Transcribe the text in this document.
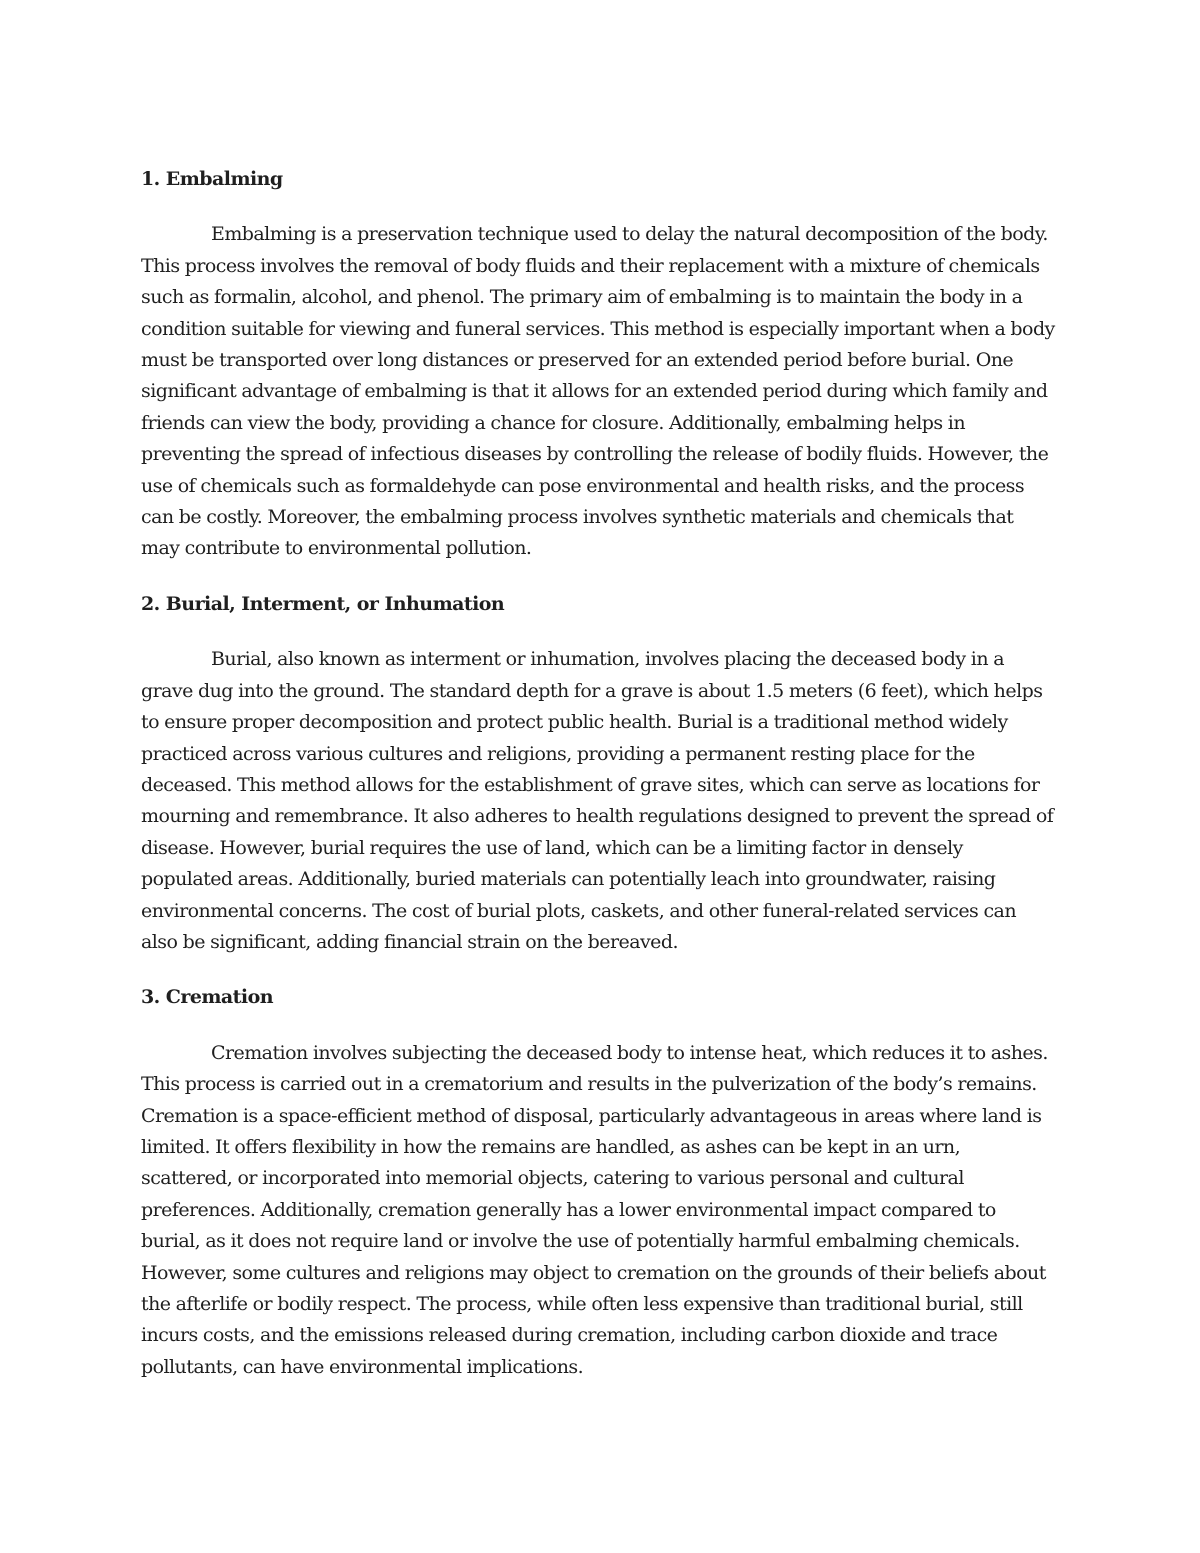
1. Embalming

Embalming is a preservation technique used to delay the natural decomposition of the body. This process involves the removal of body fluids and their replacement with a mixture of chemicals such as formalin, alcohol, and phenol. The primary aim of embalming is to maintain the body in a condition suitable for viewing and funeral services. This method is especially important when a body must be transported over long distances or preserved for an extended period before burial. One significant advantage of embalming is that it allows for an extended period during which family and friends can view the body, providing a chance for closure. Additionally, embalming helps in preventing the spread of infectious diseases by controlling the release of bodily fluids. However, the use of chemicals such as formaldehyde can pose environmental and health risks, and the process can be costly. Moreover, the embalming process involves synthetic materials and chemicals that may contribute to environmental pollution.

2. Burial, Interment, or Inhumation

Burial, also known as interment or inhumation, involves placing the deceased body in a grave dug into the ground. The standard depth for a grave is about 1.5 meters (6 feet), which helps to ensure proper decomposition and protect public health. Burial is a traditional method widely practiced across various cultures and religions, providing a permanent resting place for the deceased. This method allows for the establishment of grave sites, which can serve as locations for mourning and remembrance. It also adheres to health regulations designed to prevent the spread of disease. However, burial requires the use of land, which can be a limiting factor in densely populated areas. Additionally, buried materials can potentially leach into groundwater, raising environmental concerns. The cost of burial plots, caskets, and other funeral-related services can also be significant, adding financial strain on the bereaved.

3. Cremation

Cremation involves subjecting the deceased body to intense heat, which reduces it to ashes. This process is carried out in a crematorium and results in the pulverization of the body’s remains. Cremation is a space-efficient method of disposal, particularly advantageous in areas where land is limited. It offers flexibility in how the remains are handled, as ashes can be kept in an urn, scattered, or incorporated into memorial objects, catering to various personal and cultural preferences. Additionally, cremation generally has a lower environmental impact compared to burial, as it does not require land or involve the use of potentially harmful embalming chemicals. However, some cultures and religions may object to cremation on the grounds of their beliefs about the afterlife or bodily respect. The process, while often less expensive than traditional burial, still incurs costs, and the emissions released during cremation, including carbon dioxide and trace pollutants, can have environmental implications.
